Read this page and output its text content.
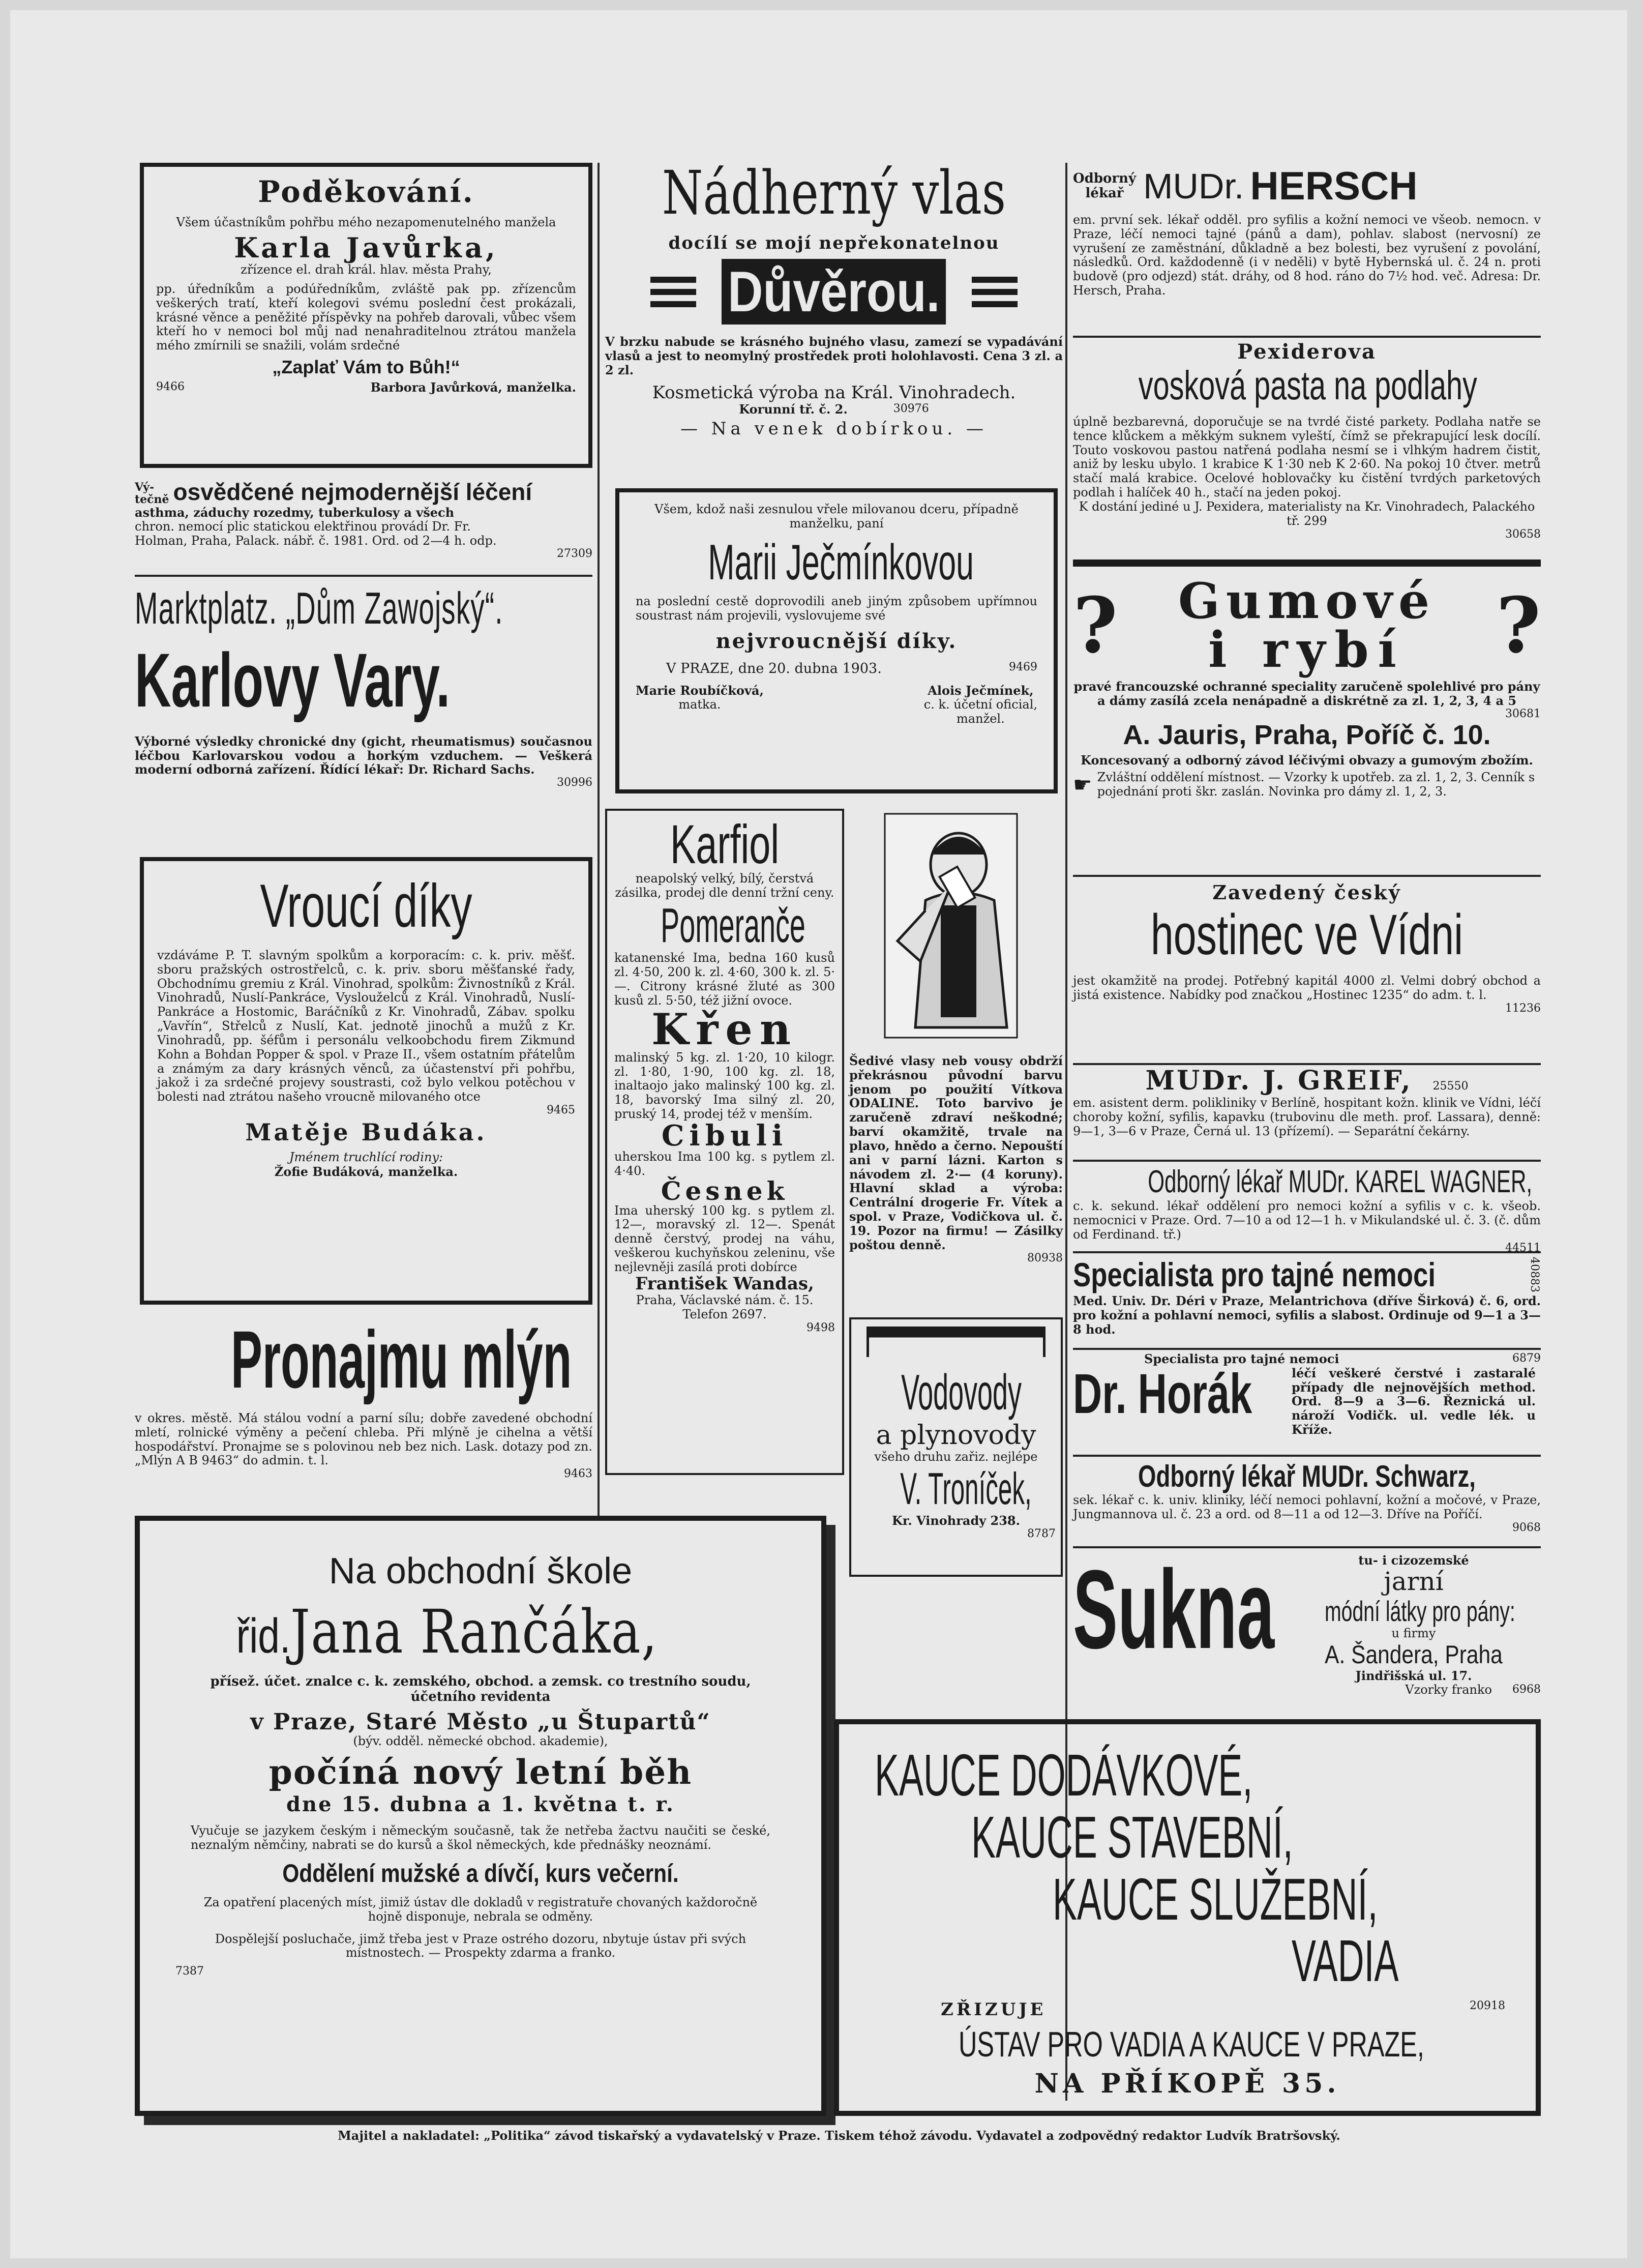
Poděkování.
Všem účastníkům pohřbu mého nezapomenutelného manžela
Karla Javůrka,
zřízence el. drah král. hlav. města Prahy,
pp. úředníkům a podúředníkům, zvláště pak pp. zřízencům veškerých tratí, kteří kolegovi svému poslední čest prokázali, krásné věnce a peněžité příspěvky na pohřeb darovali, vůbec všem kteří ho v nemoci bol můj nad nenahraditelnou ztrátou manžela mého zmírnili se snažili, volám srdečné
„Zaplať Vám to Bůh!“
9466	Barbora Javůrková, manželka.
Vý-
tečně osvědčené nejmodernější léčení
asthma, záduchy rozedmy, tuberkulosy a všech
chron. nemocí plic statickou elektřinou provádí Dr. Fr.
Holman, Praha, Palack. nábř. č. 1981. Ord. od 2—4 h. odp.
27309
Marktplatz. „Dům Zawojský“.
Karlovy Vary.
Výborné výsledky chronické dny (gicht, rheumatismus) současnou léčbou Karlovarskou vodou a horkým vzduchem. — Veškerá moderní odborná zařízení. Řídící lékař: Dr. Richard Sachs.
30996
Vroucí díky
vzdáváme P. T. slavným spolkům a korporacím: c. k. priv. měšť. sboru pražských ostrostřelců, c. k. priv. sboru měšťanské řady, Obchodnímu gremiu z Král. Vinohrad, spolkům: Živnostníků z Král. Vinohradů, Nuslí-Pankráce, Vyslouželců z Král. Vinohradů, Nuslí-Pankráce a Hostomic, Baráčníků z Kr. Vinohradů, Zábav. spolku „Vavřín“, Střelců z Nuslí, Kat. jednotě jinochů a mužů z Kr. Vinohradů, pp. šéfům i personálu velkoobchodu firem Zikmund Kohn a Bohdan Popper & spol. v Praze II., všem ostatním přátelům a známým za dary krásných věnců, za účastenství při pohřbu, jakož i za srdečné projevy soustrasti, což bylo velkou potěchou v bolesti nad ztrátou našeho vroucně milovaného otce
9465
Matěje Budáka.
Jménem truchlící rodiny:
Žofie Budáková, manželka.
Pronajmu mlýn
v okres. městě. Má stálou vodní a parní sílu; dobře zavedené obchodní mletí, rolnické výměny a pečení chleba. Při mlýně je cihelna a větší hospodářství. Pronajme se s polovinou neb bez nich. Lask. dotazy pod zn. „Mlýn A B 9463“ do admin. t. l.
9463
Na obchodní škole
řid. Jana Rančáka,
přísež. účet. znalce c. k. zemského, obchod. a zemsk. co trestního soudu, účetního revidenta
v Praze, Staré Město „u Štupartů“
(býv. odděl. německé obchod. akademie),
počíná nový letní běh
dne 15. dubna a 1. května t. r.
Vyučuje se jazykem českým i německým současně, tak že netřeba žactvu naučiti se české, neznalým němčiny, nabrati se do kursů a škol německých, kde přednášky neoznámí.
Oddělení mužské a dívčí, kurs večerní.
Za opatření placených míst, jimiž ústav dle dokladů v registratuře chovaných každoročně hojně disponuje, nebrala se odměny.
Dospělejší posluchače, jimž třeba jest v Praze ostrého dozoru, nbytuje ústav při svých místnostech. — Prospekty zdarma a franko.
7387
Nádherný vlas
docílí se mojí nepřekonatelnou
Důvěrou.
V brzku nabude se krásného bujného vlasu, zamezí se vypadávání vlasů a jest to neomylný prostředek proti holohlavosti. Cena 3 zl. a 2 zl.
Kosmetická výroba na Král. Vinohradech.
Korunní tř. č. 2.	30976
— Na venek dobírkou. —
Všem, kdož naši zesnulou vřele milovanou dceru, případně manželku, paní
Marii Ječmínkovou
na poslední cestě doprovodili aneb jiným způsobem upřímnou soustrast nám projevili, vyslovujeme své
nejvroucnější díky.
V PRAZE, dne 20. dubna 1903.	9469
Marie Roubíčková,
matka.
Alois Ječmínek,
c. k. účetní oficial,
manžel.
Karfiol
neapolský velký, bílý, čerstvá zásilka, prodej dle denní tržní ceny.
Pomeranče
katanenské Ima, bedna 160 kusů zl. 4·50, 200 k. zl. 4·60, 300 k. zl. 5·—. Citrony krásné žluté as 300 kusů zl. 5·50, též jižní ovoce.
Křen
malinský 5 kg. zl. 1·20, 10 kilogr. zl. 1·80, 1·90, 100 kg. zl. 18, inaltaojo jako malinský 100 kg. zl. 18, bavorský Ima silný zl. 20, pruský 14, prodej též v menším.
Cibuli
uherskou Ima 100 kg. s pytlem zl. 4·40.
Česnek
Ima uherský 100 kg. s pytlem zl. 12—, moravský zl. 12—. Spenát denně čerstvý, prodej na váhu, veškerou kuchyňskou zeleninu, vše nejlevněji zasílá proti dobírce
František Wandas,
Praha, Václavské nám. č. 15. Telefon 2697.
9498
Šedivé vlasy neb vousy obdrží překrásnou původní barvu jenom po použití Vítkova ODALINE. Toto barvivo je zaručeně zdraví neškodné; barví okamžitě, trvale na plavo, hnědo a černo. Nepouští ani v parní lázni. Karton s návodem zl. 2·— (4 koruny). Hlavní sklad a výroba: Centrální drogerie Fr. Vítek a spol. v Praze, Vodičkova ul. č. 19. Pozor na firmu! — Zásilky poštou denně.
80938
Vodovody
a plynovody
všeho druhu zařiz. nejlépe
V. Troníček,
Kr. Vinohrady 238.
8787
Odborný
lékař MUDr. HERSCH
em. první sek. lékař odděl. pro syfilis a kožní nemoci ve všeob. nemocn. v Praze, léčí nemoci tajné (pánů a dam), pohlav. slabost (nervosní) ze vyrušení ze zaměstnání, důkladně a bez bolesti, bez vyrušení z povolání, následků. Ord. každodenně (i v neděli) v bytě Hybernská ul. č. 24 n. proti budově (pro odjezd) stát. dráhy, od 8 hod. ráno do 7½ hod. več. Adresa: Dr. Hersch, Praha.
Pexiderova
vosková pasta na podlahy
úplně bezbarevná, doporučuje se na tvrdé čisté parkety. Podlaha natře se tence klůckem a měkkým suknem vyleští, čímž se překrapující lesk docílí. Touto voskovou pastou natřená podlaha nesmí se i vlhkým hadrem čistit, aniž by lesku ubylo. 1 krabice K 1·30 neb K 2·60. Na pokoj 10 čtver. metrů stačí malá krabice. Ocelové hoblovačky ku čistění tvrdých parketových podlah i halíček 40 h., stačí na jeden pokoj.
K dostání jediné u J. Pexidera, materialisty na Kr. Vinohradech, Palackého tř. 299
30658
? Gumové
i rybí	?
pravé francouzské ochranné speciality zaručeně spolehlivé pro pány a dámy zasílá zcela nenápadně a diskrétně za zl. 1, 2, 3, 4 a 5
30681
A. Jauris, Praha, Poříč č. 10.
Koncesovaný a odborný závod léčivými obvazy a gumovým zbožím.
☛ Zvláštní oddělení místnost. — Vzorky k upotřeb. za zl. 1, 2, 3. Cenník s pojednání proti škr. zaslán. Novinka pro dámy zl. 1, 2, 3.
Zavedený český
hostinec ve Vídni
jest okamžitě na prodej. Potřebný kapitál 4000 zl. Velmi dobrý obchod a jistá existence. Nabídky pod značkou „Hostinec 1235“ do adm. t. l.
11236
MUDr. J. GREIF, 25550
em. asistent derm. polikliniky v Berlíně, hospitant kožn. klinik ve Vídni, léčí choroby kožní, syfilis, kapavku (trubovinu dle meth. prof. Lassara), denně: 9—1, 3—6 v Praze, Černá ul. 13 (přízemí). — Separátní čekárny.
Odborný lékař MUDr. KAREL WAGNER,
c. k. sekund. lékař oddělení pro nemoci kožní a syfilis v c. k. všeob. nemocnici v Praze. Ord. 7—10 a od 12—1 h. v Mikulandské ul. č. 3. (č. dům od Ferdinand. tř.)
44511
Specialista pro tajné nemoci	40883
Med. Univ. Dr. Déri v Praze, Melantrichova (dříve Širková) č. 6, ord. pro kožní a pohlavní nemoci, syfilis a slabost. Ordinuje od 9—1 a 3—8 hod.
Specialista pro tajné nemoci	6879
Dr. Horák	léčí veškeré čerstvé i zastaralé případy dle nejnovějších method. Ord. 8—9 a 3—6. Řeznická ul. nároží Vodičk. ul. vedle lék. u Kříže.
Odborný lékař MUDr. Schwarz,
sek. lékař c. k. univ. kliniky, léčí nemoci pohlavní, kožní a močové, v Praze, Jungmannova ul. č. 23 a ord. od 8—11 a od 12—3. Dříve na Poříčí.
9068
Sukna	tu- i cizozemské
jarní
módní látky pro pány:
u firmy
A. Šandera, Praha
Jindřišská ul. 17.
Vzorky franko 6968
KAUCE DODÁVKOVÉ,
KAUCE STAVEBNÍ,
KAUCE SLUŽEBNÍ,
VADIA
ZŘIZUJE	20918
ÚSTAV PRO VADIA A KAUCE V PRAZE,
NA PŘÍKOPĚ 35.
Majitel a nakladatel: „Politika“ závod tiskařský a vydavatelský v Praze. Tiskem téhož závodu. Vydavatel a zodpovědný redaktor Ludvík Bratršovský.
